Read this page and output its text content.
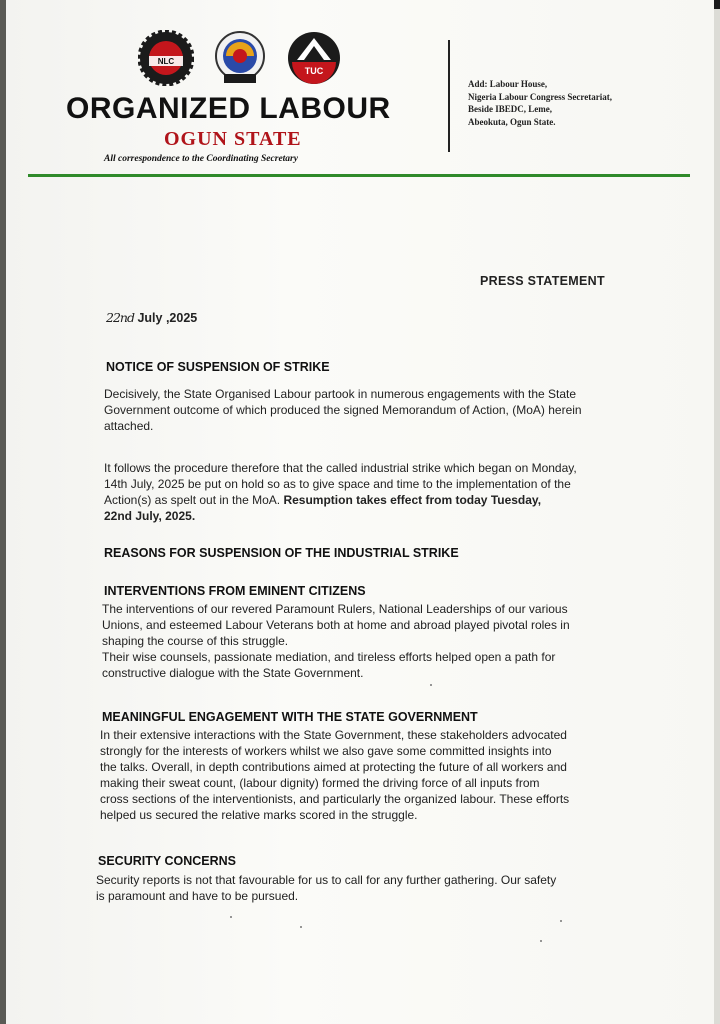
NLC
TUC
ORGANIZED LABOUR
OGUN STATE
All correspondence to the Coordinating Secretary
Add: Labour House,
Nigeria Labour Congress Secretariat,
Beside IBEDC, Leme,
Abeokuta, Ogun State.
PRESS STATEMENT
22nd July ,2025
NOTICE OF SUSPENSION OF STRIKE
Decisively, the State Organised Labour partook in numerous engagements with the State
Government outcome of which produced the signed Memorandum of Action, (MoA) herein
attached.
It follows the procedure therefore that the called industrial strike which began on Monday,
14th July, 2025 be put on hold so as to give space and time to the implementation of the
Action(s) as spelt out in the MoA. Resumption takes effect from today Tuesday,
22nd July, 2025.
REASONS FOR SUSPENSION OF THE INDUSTRIAL STRIKE
INTERVENTIONS FROM EMINENT CITIZENS
The interventions of our revered Paramount Rulers, National Leaderships of our various
Unions, and esteemed Labour Veterans both at home and abroad played pivotal roles in
shaping the course of this struggle.
Their wise counsels, passionate mediation, and tireless efforts helped open a path for
constructive dialogue with the State Government.
MEANINGFUL ENGAGEMENT WITH THE STATE GOVERNMENT
In their extensive interactions with the State Government, these stakeholders advocated
strongly for the interests of workers whilst we also gave some committed insights into
the talks. Overall, in depth contributions aimed at protecting the future of all workers and
making their sweat count, (labour dignity) formed the driving force of all inputs from
cross sections of the interventionists, and particularly the organized labour. These efforts
helped us secured the relative marks scored in the struggle.
SECURITY CONCERNS
Security reports is not that favourable for us to call for any further gathering. Our safety
is paramount and have to be pursued.
